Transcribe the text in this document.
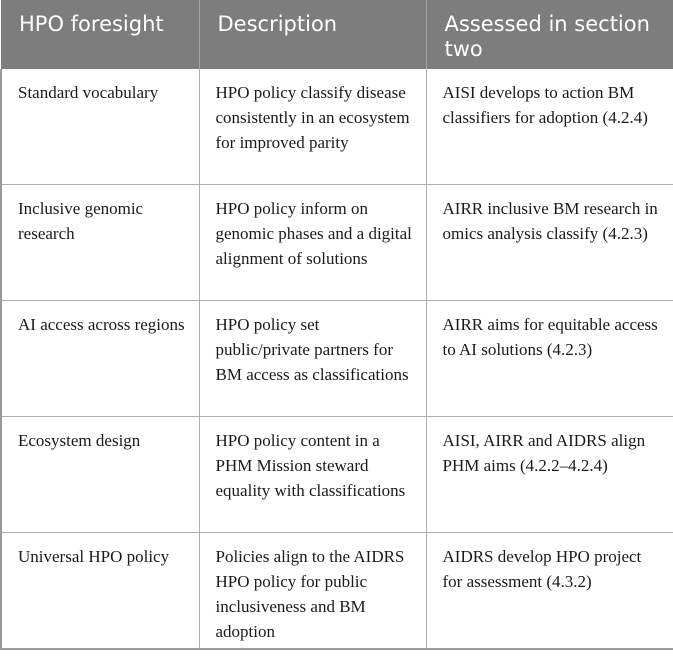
HPO foresight	Description	Assessed in section two
Standard vocabulary	HPO policy classify disease consistently in an ecosystem for improved parity	AISI develops to action BM classifiers for adoption (4.2.4)
Inclusive genomic research	HPO policy inform on genomic phases and a digital alignment of solutions	AIRR inclusive BM research in omics analysis classify (4.2.3)
AI access across regions	HPO policy set public/private partners for BM access as classifications	AIRR aims for equitable access to AI solutions (4.2.3)
Ecosystem design	HPO policy content in a PHM Mission steward equality with classifications	AISI, AIRR and AIDRS align PHM aims (4.2.2–4.2.4)
Universal HPO policy	Policies align to the AIDRS HPO policy for public inclusiveness and BM adoption	AIDRS develop HPO project for assessment (4.3.2)
